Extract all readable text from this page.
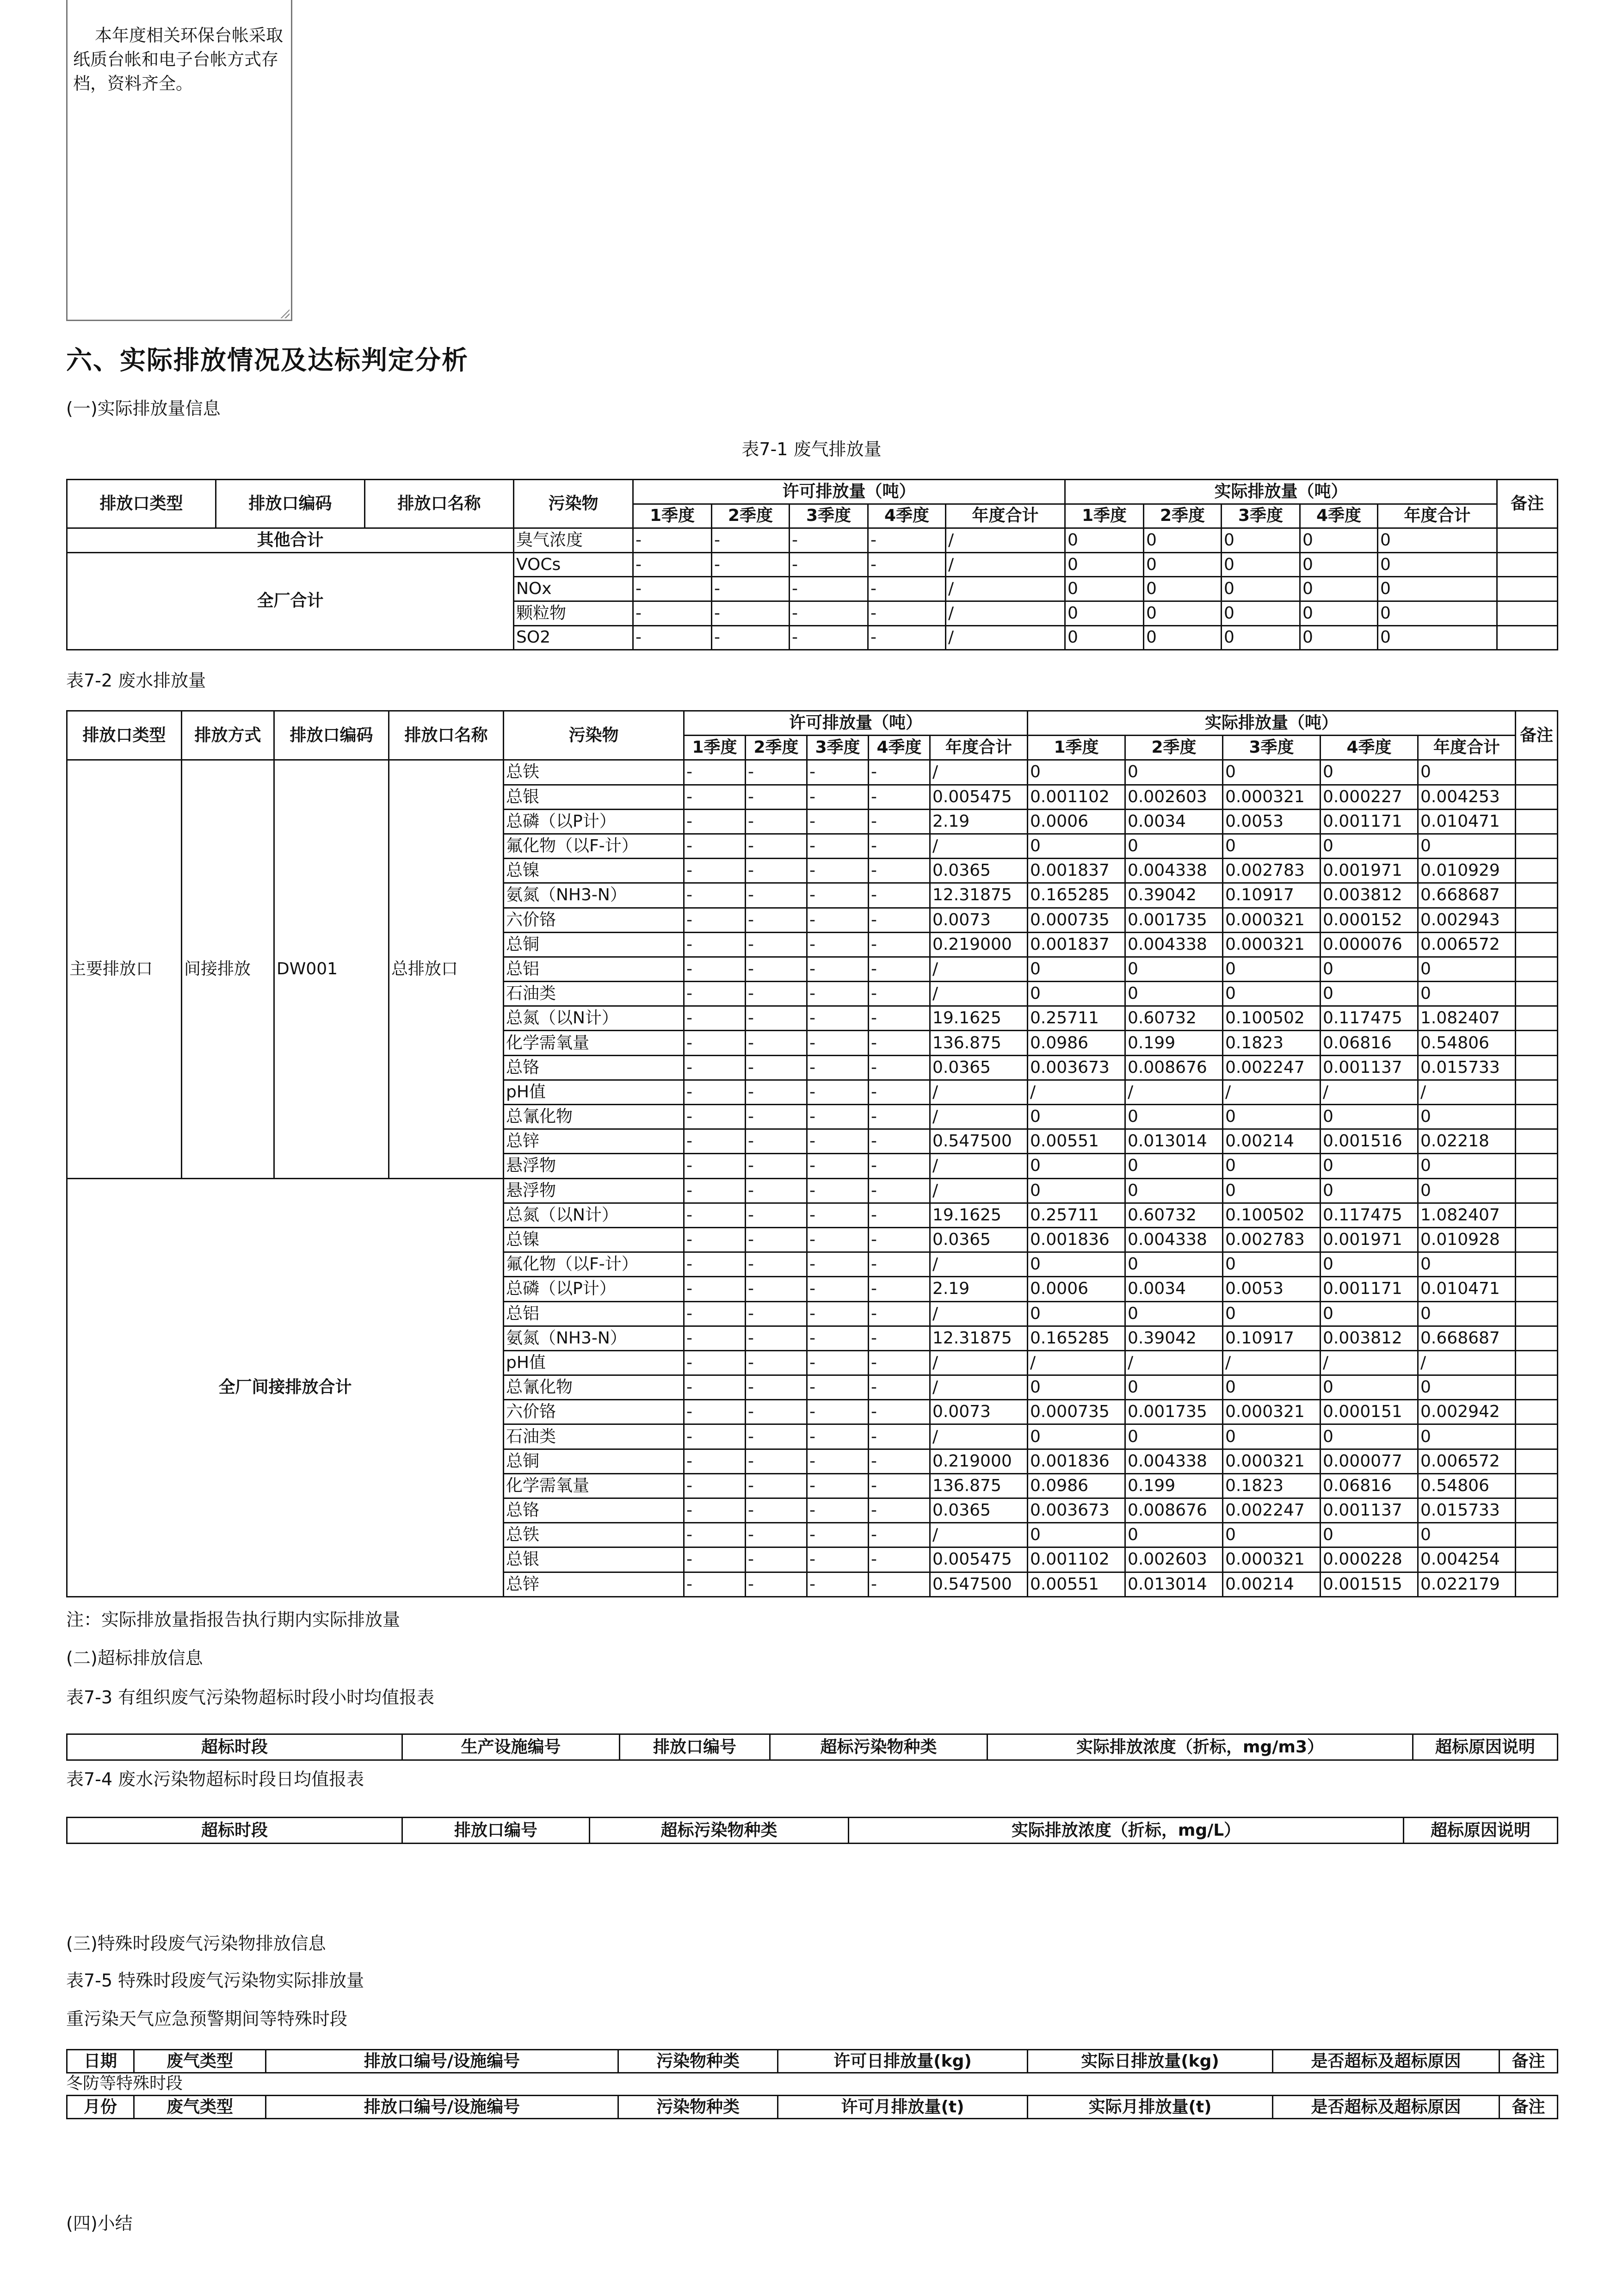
本年度相关环保台帐采取纸质台帐和电子台帐方式存档，资料齐全。

六、实际排放情况及达标判定分析
(一)实际排放量信息
表7-1 废气排放量
排放口类型	排放口编码	排放口名称	污染物	许可排放量（吨）					实际排放量（吨）					备注
				1季度	2季度	3季度	4季度	年度合计	1季度	2季度	3季度	4季度	年度合计	
其他合计			臭气浓度	-	-	-	-	/	0	0	0	0	0	
全厂合计			VOCs	-	-	-	-	/	0	0	0	0	0	
			NOx	-	-	-	-	/	0	0	0	0	0	
			颗粒物	-	-	-	-	/	0	0	0	0	0	
			SO2	-	-	-	-	/	0	0	0	0	0	
表7-2 废水排放量
排放口类型	排放方式	排放口编码	排放口名称	污染物	许可排放量（吨）					实际排放量（吨）					备注
					1季度	2季度	3季度	4季度	年度合计	1季度	2季度	3季度	4季度	年度合计	
主要排放口	间接排放	DW001	总排放口	总铁	-	-	-	-	/	0	0	0	0	0	
				总银	-	-	-	-	0.005475	0.001102	0.002603	0.000321	0.000227	0.004253	
				总磷（以P计）	-	-	-	-	2.19	0.0006	0.0034	0.0053	0.001171	0.010471	
				氟化物（以F-计）	-	-	-	-	/	0	0	0	0	0	
				总镍	-	-	-	-	0.0365	0.001837	0.004338	0.002783	0.001971	0.010929	
				氨氮（NH3-N）	-	-	-	-	12.31875	0.165285	0.39042	0.10917	0.003812	0.668687	
				六价铬	-	-	-	-	0.0073	0.000735	0.001735	0.000321	0.000152	0.002943	
				总铜	-	-	-	-	0.219000	0.001837	0.004338	0.000321	0.000076	0.006572	
				总铝	-	-	-	-	/	0	0	0	0	0	
				石油类	-	-	-	-	/	0	0	0	0	0	
				总氮（以N计）	-	-	-	-	19.1625	0.25711	0.60732	0.100502	0.117475	1.082407	
				化学需氧量	-	-	-	-	136.875	0.0986	0.199	0.1823	0.06816	0.54806	
				总铬	-	-	-	-	0.0365	0.003673	0.008676	0.002247	0.001137	0.015733	
				pH值	-	-	-	-	/	/	/	/	/	/	
				总氰化物	-	-	-	-	/	0	0	0	0	0	
				总锌	-	-	-	-	0.547500	0.00551	0.013014	0.00214	0.001516	0.02218	
				悬浮物	-	-	-	-	/	0	0	0	0	0	
全厂间接排放合计				悬浮物	-	-	-	-	/	0	0	0	0	0	
				总氮（以N计）	-	-	-	-	19.1625	0.25711	0.60732	0.100502	0.117475	1.082407	
				总镍	-	-	-	-	0.0365	0.001836	0.004338	0.002783	0.001971	0.010928	
				氟化物（以F-计）	-	-	-	-	/	0	0	0	0	0	
				总磷（以P计）	-	-	-	-	2.19	0.0006	0.0034	0.0053	0.001171	0.010471	
				总铝	-	-	-	-	/	0	0	0	0	0	
				氨氮（NH3-N）	-	-	-	-	12.31875	0.165285	0.39042	0.10917	0.003812	0.668687	
				pH值	-	-	-	-	/	/	/	/	/	/	
				总氰化物	-	-	-	-	/	0	0	0	0	0	
				六价铬	-	-	-	-	0.0073	0.000735	0.001735	0.000321	0.000151	0.002942	
				石油类	-	-	-	-	/	0	0	0	0	0	
				总铜	-	-	-	-	0.219000	0.001836	0.004338	0.000321	0.000077	0.006572	
				化学需氧量	-	-	-	-	136.875	0.0986	0.199	0.1823	0.06816	0.54806	
				总铬	-	-	-	-	0.0365	0.003673	0.008676	0.002247	0.001137	0.015733	
				总铁	-	-	-	-	/	0	0	0	0	0	
				总银	-	-	-	-	0.005475	0.001102	0.002603	0.000321	0.000228	0.004254	
				总锌	-	-	-	-	0.547500	0.00551	0.013014	0.00214	0.001515	0.022179	
注：实际排放量指报告执行期内实际排放量
(二)超标排放信息
表7-3 有组织废气污染物超标时段小时均值报表
超标时段	生产设施编号	排放口编号	超标污染物种类	实际排放浓度（折标，mg/m3）	超标原因说明
表7-4 废水污染物超标时段日均值报表
超标时段	排放口编号	超标污染物种类	实际排放浓度（折标，mg/L）	超标原因说明
(三)特殊时段废气污染物排放信息
表7-5 特殊时段废气污染物实际排放量
重污染天气应急预警期间等特殊时段
日期	废气类型	排放口编号/设施编号	污染物种类	许可日排放量(kg)	实际日排放量(kg)	是否超标及超标原因	备注
冬防等特殊时段
月份	废气类型	排放口编号/设施编号	污染物种类	许可月排放量(t)	实际月排放量(t)	是否超标及超标原因	备注
(四)小结
